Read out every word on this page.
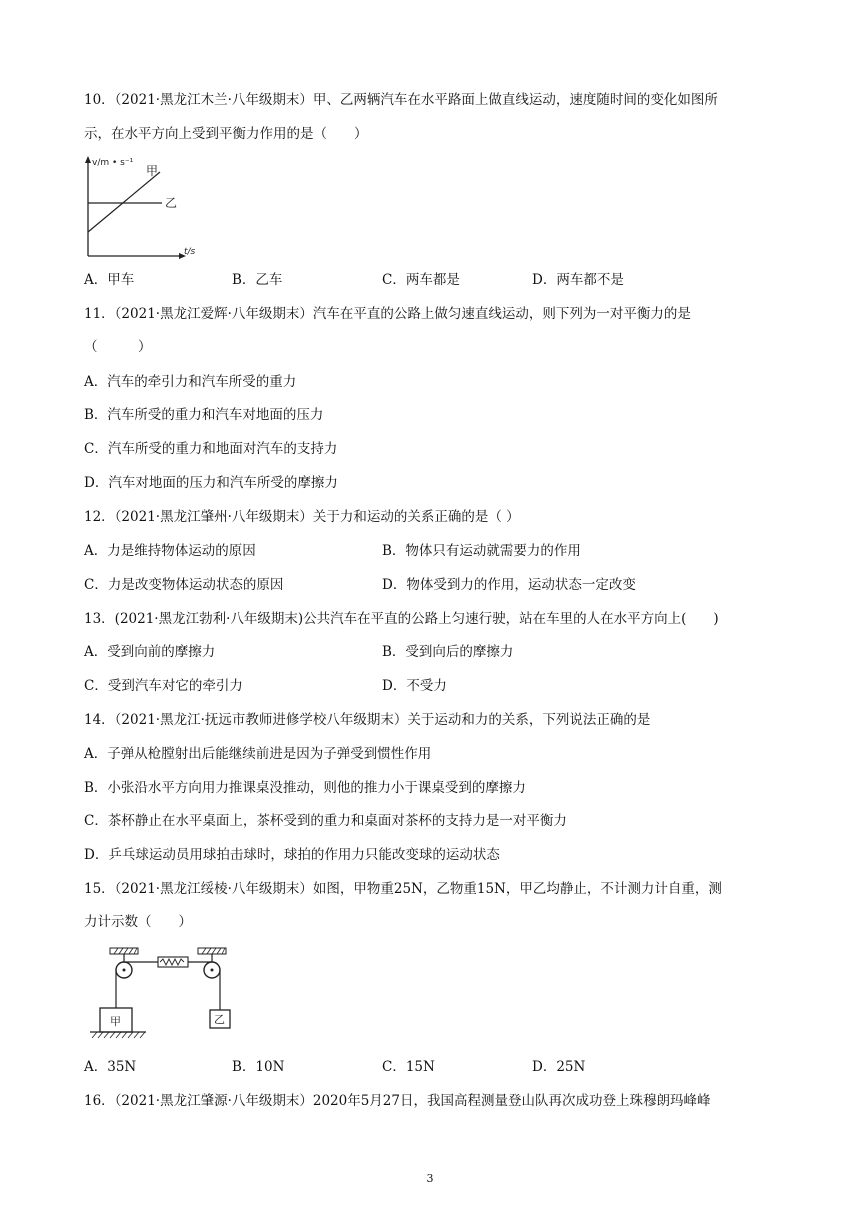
10．（2021·黑龙江木兰·八年级期末）甲、乙两辆汽车在水平路面上做直线运动，速度随时间的变化如图所
示，在水平方向上受到平衡力作用的是（　　）
v/m • s⁻¹
t/s
甲
乙
A．甲车	B．乙车	C．两车都是	D．两车都不是
11．（2021·黑龙江爱辉·八年级期末）汽车在平直的公路上做匀速直线运动，则下列为一对平衡力的是
（　　　）
A．汽车的牵引力和汽车所受的重力
B．汽车所受的重力和汽车对地面的压力
C．汽车所受的重力和地面对汽车的支持力
D．汽车对地面的压力和汽车所受的摩擦力
12．（2021·黑龙江肇州·八年级期末）关于力和运动的关系正确的是（ ）
A．力是维持物体运动的原因	B．物体只有运动就需要力的作用
C．力是改变物体运动状态的原因	D．物体受到力的作用，运动状态一定改变
13．(2021·黑龙江勃利·八年级期末)公共汽车在平直的公路上匀速行驶，站在车里的人在水平方向上(　　)
A．受到向前的摩擦力	B．受到向后的摩擦力
C．受到汽车对它的牵引力	D．不受力
14．（2021·黑龙江·抚远市教师进修学校八年级期末）关于运动和力的关系，下列说法正确的是
A．子弹从枪膛射出后能继续前进是因为子弹受到惯性作用
B．小张沿水平方向用力推课桌没推动，则他的推力小于课桌受到的摩擦力
C．茶杯静止在水平桌面上，茶杯受到的重力和桌面对茶杯的支持力是一对平衡力
D．乒乓球运动员用球拍击球时，球拍的作用力只能改变球的运动状态
15．（2021·黑龙江绥棱·八年级期末）如图，甲物重25N，乙物重15N，甲乙均静止，不计测力计自重，测
力计示数（　　）
甲	乙
A．35N	B．10N	C．15N	D．25N
16．（2021·黑龙江肇源·八年级期末）2020年5月27日，我国高程测量登山队再次成功登上珠穆朗玛峰峰
3
